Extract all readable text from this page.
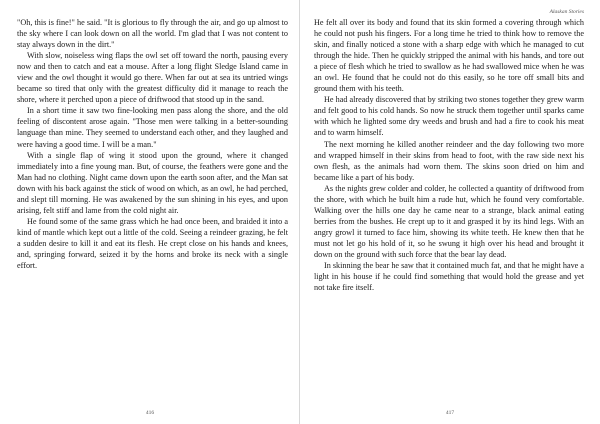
"Oh, this is fine!" he said. "It is glorious to fly through the air, and go up almost to the sky where I can look down on all the world. I'm glad that I was not content to stay always down in the dirt."

With slow, noiseless wing flaps the owl set off toward the north, pausing every now and then to catch and eat a mouse. After a long flight Sledge Island came in view and the owl thought it would go there. When far out at sea its untried wings became so tired that only with the greatest difficulty did it manage to reach the shore, where it perched upon a piece of driftwood that stood up in the sand.

In a short time it saw two fine-looking men pass along the shore, and the old feeling of discontent arose again. "Those men were talking in a better-sounding language than mine. They seemed to understand each other, and they laughed and were having a good time. I will be a man."

With a single flap of wing it stood upon the ground, where it changed immediately into a fine young man. But, of course, the feathers were gone and the Man had no clothing. Night came down upon the earth soon after, and the Man sat down with his back against the stick of wood on which, as an owl, he had perched, and slept till morning. He was awakened by the sun shining in his eyes, and upon arising, felt stiff and lame from the cold night air.

He found some of the same grass which he had once been, and braided it into a kind of mantle which kept out a little of the cold. Seeing a reindeer grazing, he felt a sudden desire to kill it and eat its flesh. He crept close on his hands and knees, and, springing forward, seized it by the horns and broke its neck with a single effort.

416
Alaskan Stories

He felt all over its body and found that its skin formed a covering through which he could not push his fingers. For a long time he tried to think how to remove the skin, and finally noticed a stone with a sharp edge with which he managed to cut through the hide. Then he quickly stripped the animal with his hands, and tore out a piece of flesh which he tried to swallow as he had swallowed mice when he was an owl. He found that he could not do this easily, so he tore off small bits and ground them with his teeth.

He had already discovered that by striking two stones together they grew warm and felt good to his cold hands. So now he struck them together until sparks came with which he lighted some dry weeds and brush and had a fire to cook his meat and to warm himself.

The next morning he killed another reindeer and the day following two more and wrapped himself in their skins from head to foot, with the raw side next his own flesh, as the animals had worn them. The skins soon dried on him and became like a part of his body.

As the nights grew colder and colder, he collected a quantity of driftwood from the shore, with which he built him a rude hut, which he found very comfortable. Walking over the hills one day he came near to a strange, black animal eating berries from the bushes. He crept up to it and grasped it by its hind legs. With an angry growl it turned to face him, showing its white teeth. He knew then that he must not let go his hold of it, so he swung it high over his head and brought it down on the ground with such force that the bear lay dead.

In skinning the bear he saw that it contained much fat, and that he might have a light in his house if he could find something that would hold the grease and yet not take fire itself.

417
